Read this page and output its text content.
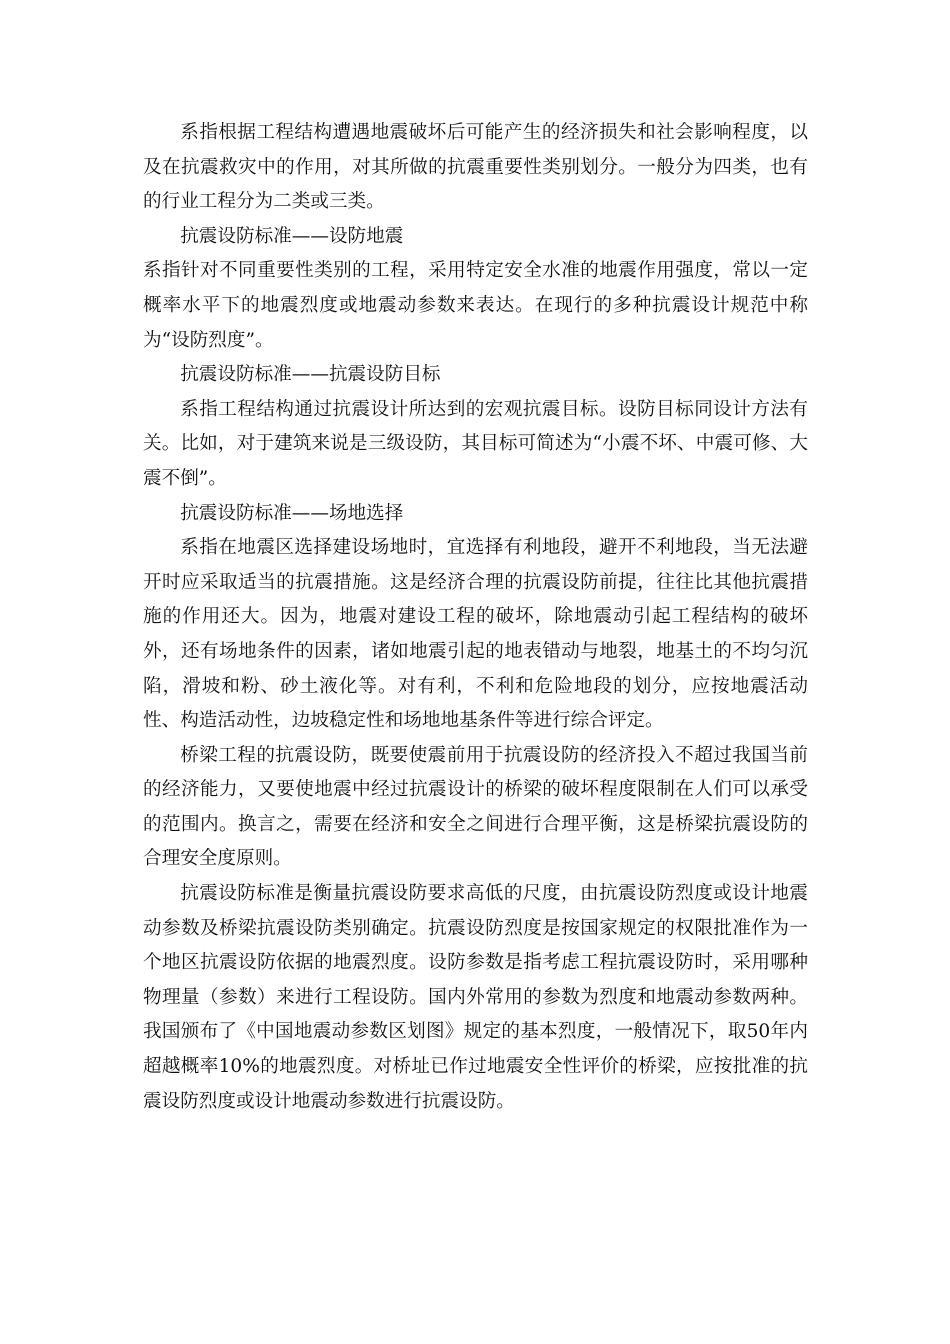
系指根据工程结构遭遇地震破坏后可能产生的经济损失和社会影响程度，以及在抗震救灾中的作用，对其所做的抗震重要性类别划分。一般分为四类，也有的行业工程分为二类或三类。

抗震设防标准——设防地震

系指针对不同重要性类别的工程，采用特定安全水准的地震作用强度，常以一定概率水平下的地震烈度或地震动参数来表达。在现行的多种抗震设计规范中称为“设防烈度”。

抗震设防标准——抗震设防目标

系指工程结构通过抗震设计所达到的宏观抗震目标。设防目标同设计方法有关。比如，对于建筑来说是三级设防，其目标可简述为“小震不坏、中震可修、大震不倒”。

抗震设防标准——场地选择

系指在地震区选择建设场地时，宜选择有利地段，避开不利地段，当无法避开时应采取适当的抗震措施。这是经济合理的抗震设防前提，往往比其他抗震措施的作用还大。因为，地震对建设工程的破坏，除地震动引起工程结构的破坏外，还有场地条件的因素，诸如地震引起的地表错动与地裂，地基土的不均匀沉陷，滑坡和粉、砂土液化等。对有利，不利和危险地段的划分，应按地震活动性、构造活动性，边坡稳定性和场地地基条件等进行综合评定。

桥梁工程的抗震设防，既要使震前用于抗震设防的经济投入不超过我国当前的经济能力，又要使地震中经过抗震设计的桥梁的破坏程度限制在人们可以承受的范围内。换言之，需要在经济和安全之间进行合理平衡，这是桥梁抗震设防的合理安全度原则。

抗震设防标准是衡量抗震设防要求高低的尺度，由抗震设防烈度或设计地震动参数及桥梁抗震设防类别确定。抗震设防烈度是按国家规定的权限批准作为一个地区抗震设防依据的地震烈度。设防参数是指考虑工程抗震设防时，采用哪种物理量（参数）来进行工程设防。国内外常用的参数为烈度和地震动参数两种。我国颁布了《中国地震动参数区划图》规定的基本烈度，一般情况下，取50年内超越概率10%的地震烈度。对桥址已作过地震安全性评价的桥梁，应按批准的抗震设防烈度或设计地震动参数进行抗震设防。
